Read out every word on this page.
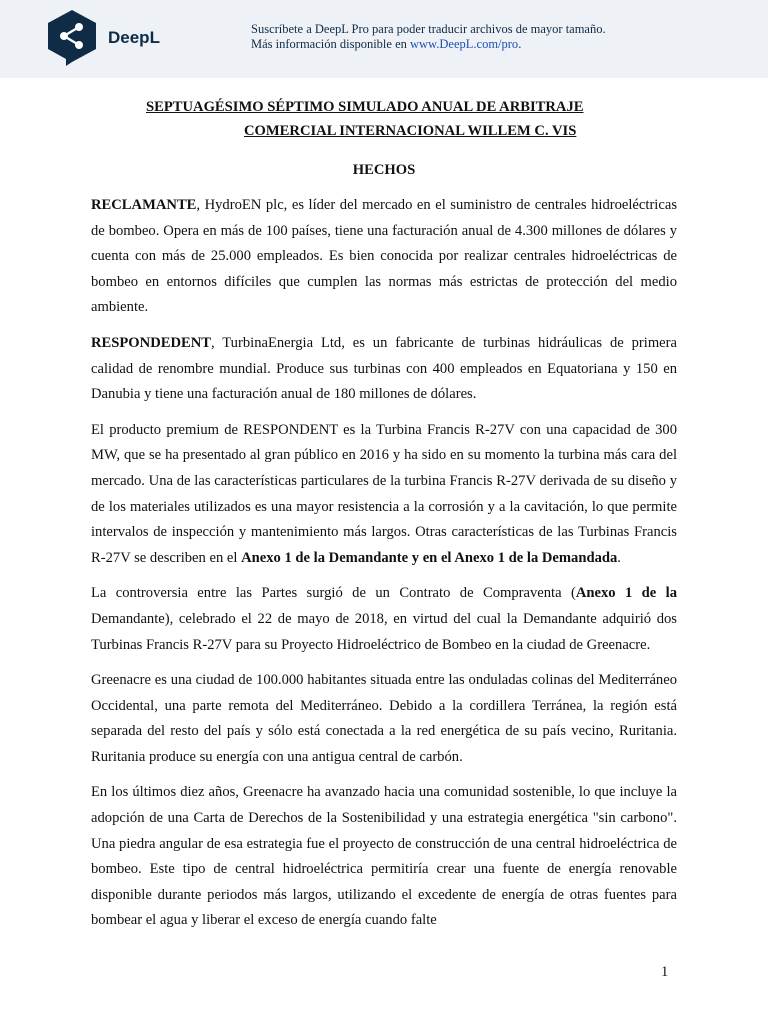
DeepL	Suscríbete a DeepL Pro para poder traducir archivos de mayor tamaño.
Más información disponible en www.DeepL.com/pro.
SEPTUAGÉSIMO SÉPTIMO SIMULADO ANUAL DE ARBITRAJE
COMERCIAL INTERNACIONAL WILLEM C. VIS
HECHOS

RECLAMANTE, HydroEN plc, es líder del mercado en el suministro de centrales hidroeléctricas de bombeo. Opera en más de 100 países, tiene una facturación anual de 4.300 millones de dólares y cuenta con más de 25.000 empleados. Es bien conocida por realizar centrales hidroeléctricas de bombeo en entornos difíciles que cumplen las normas más estrictas de protección del medio ambiente.

RESPONDEDENT, TurbinaEnergia Ltd, es un fabricante de turbinas hidráulicas de primera calidad de renombre mundial. Produce sus turbinas con 400 empleados en Equatoriana y 150 en Danubia y tiene una facturación anual de 180 millones de dólares.

El producto premium de RESPONDENT es la Turbina Francis R-27V con una capacidad de 300 MW, que se ha presentado al gran público en 2016 y ha sido en su momento la turbina más cara del mercado. Una de las características particulares de la turbina Francis R-27V derivada de su diseño y de los materiales utilizados es una mayor resistencia a la corrosión y a la cavitación, lo que permite intervalos de inspección y mantenimiento más largos. Otras características de las Turbinas Francis R-27V se describen en el Anexo 1 de la Demandante y en el Anexo 1 de la Demandada.

La controversia entre las Partes surgió de un Contrato de Compraventa (Anexo 1 de la Demandante), celebrado el 22 de mayo de 2018, en virtud del cual la Demandante adquirió dos Turbinas Francis R-27V para su Proyecto Hidroeléctrico de Bombeo en la ciudad de Greenacre.

Greenacre es una ciudad de 100.000 habitantes situada entre las onduladas colinas del Mediterráneo Occidental, una parte remota del Mediterráneo. Debido a la cordillera Terránea, la región está separada del resto del país y sólo está conectada a la red energética de su país vecino, Ruritania. Ruritania produce su energía con una antigua central de carbón.

En los últimos diez años, Greenacre ha avanzado hacia una comunidad sostenible, lo que incluye la adopción de una Carta de Derechos de la Sostenibilidad y una estrategia energética "sin carbono". Una piedra angular de esa estrategia fue el proyecto de construcción de una central hidroeléctrica de bombeo. Este tipo de central hidroeléctrica permitiría crear una fuente de energía renovable disponible durante periodos más largos, utilizando el excedente de energía de otras fuentes para bombear el agua y liberar el exceso de energía cuando falte

1
